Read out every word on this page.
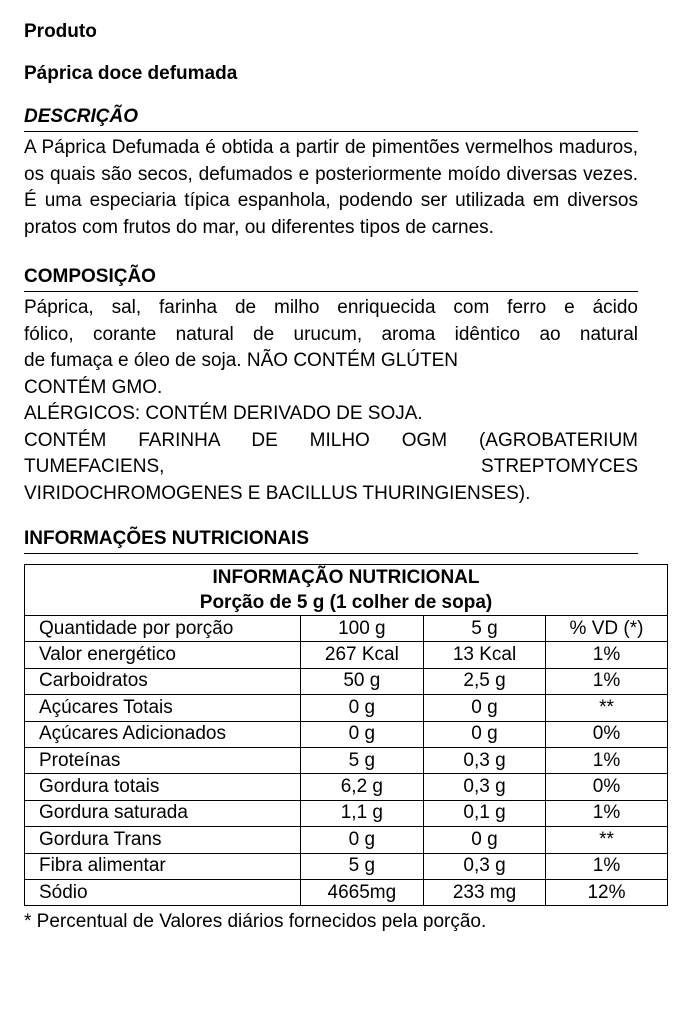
Produto
Páprica doce defumada
DESCRIÇÃO
A Páprica Defumada é obtida a partir de pimentões vermelhos maduros, os quais são secos, defumados e posteriormente moído diversas vezes. É uma especiaria típica espanhola, podendo ser utilizada em diversos pratos com frutos do mar, ou diferentes tipos de carnes.
COMPOSIÇÃO
Páprica, sal, farinha de milho enriquecida com ferro e ácido
fólico, corante natural de urucum, aroma idêntico ao natural
de fumaça e óleo de soja. NÃO CONTÉM GLÚTEN
CONTÉM GMO.
ALÉRGICOS: CONTÉM DERIVADO DE SOJA.
CONTÉM FARINHA DE MILHO OGM (AGROBATERIUM
TUMEFACIENS, STREPTOMYCES
VIRIDOCHROMOGENES E BACILLUS THURINGIENSES).
INFORMAÇÕES NUTRICIONAIS
INFORMAÇÃO NUTRICIONAL
Porção de 5 g (1 colher de sopa)			

Quantidade por porção	100 g	5 g	% VD (*)
Valor energético	267 Kcal	13 Kcal	1%
Carboidratos	50 g	2,5 g	1%
Açúcares Totais	0 g	0 g	**
Açúcares Adicionados	0 g	0 g	0%
Proteínas	5 g	0,3 g	1%
Gordura totais	6,2 g	0,3 g	0%
Gordura saturada	1,1 g	0,1 g	1%
Gordura Trans	0 g	0 g	**
Fibra alimentar	5 g	0,3 g	1%
Sódio	4665mg	233 mg	12%
* Percentual de Valores diários fornecidos pela porção.
